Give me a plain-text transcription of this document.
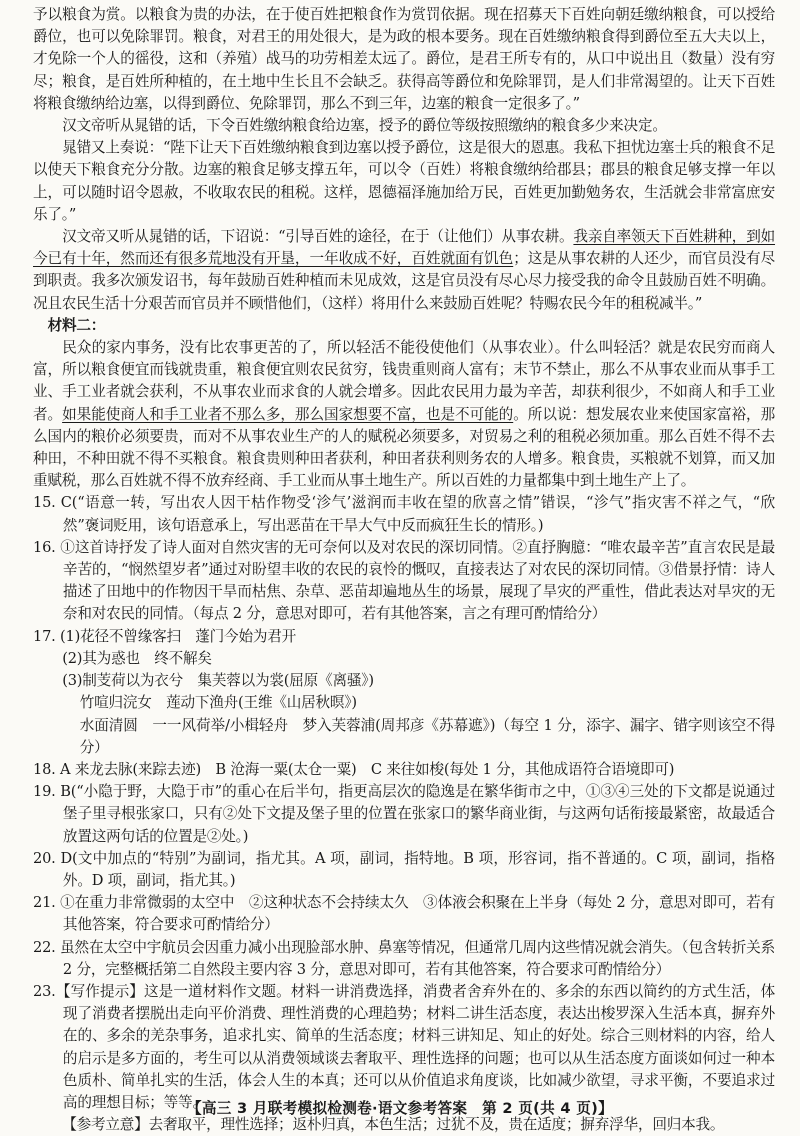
予以粮食为赏。以粮食为贵的办法，在于使百姓把粮食作为赏罚依据。现在招募天下百姓向朝廷缴纳粮食，可以授给爵位，也可以免除罪罚。粮食，对君王的用处很大，是为政的根本要务。现在百姓缴纳粮食得到爵位至五大夫以上，才免除一个人的徭役，这和（养殖）战马的功劳相差太远了。爵位，是君王所专有的，从口中说出且（数量）没有穷尽；粮食，是百姓所种植的，在土地中生长且不会缺乏。获得高等爵位和免除罪罚，是人们非常渴望的。让天下百姓将粮食缴纳给边塞，以得到爵位、免除罪罚，那么不到三年，边塞的粮食一定很多了。”

汉文帝听从晁错的话，下令百姓缴纳粮食给边塞，授予的爵位等级按照缴纳的粮食多少来决定。

晁错又上奏说：“陛下让天下百姓缴纳粮食到边塞以授予爵位，这是很大的恩惠。我私下担忧边塞士兵的粮食不足以使天下粮食充分分散。边塞的粮食足够支撑五年，可以令（百姓）将粮食缴纳给郡县；郡县的粮食足够支撑一年以上，可以随时诏令恩赦，不收取农民的租税。这样，恩德福泽施加给万民，百姓更加勤勉务农，生活就会非常富庶安乐了。”

汉文帝又听从晁错的话，下诏说：“引导百姓的途径，在于（让他们）从事农耕。我亲自率领天下百姓耕种，到如今已有十年，然而还有很多荒地没有开垦，一年收成不好，百姓就面有饥色；这是从事农耕的人还少，而官员没有尽到职责。我多次颁发诏书，每年鼓励百姓种植而未见成效，这是官员没有尽心尽力接受我的命令且鼓励百姓不明确。况且农民生活十分艰苦而官员并不顾惜他们，（这样）将用什么来鼓励百姓呢？特赐农民今年的租税减半。”

材料二：

民众的家内事务，没有比农事更苦的了，所以轻活不能役使他们（从事农业）。什么叫轻活？就是农民穷而商人富，所以粮食便宜而钱就贵重，粮食便宜则农民贫穷，钱贵重则商人富有；末节不禁止，那么不从事农业而从事手工业、手工业者就会获利，不从事农业而求食的人就会增多。因此农民用力最为辛苦，却获利很少，不如商人和手工业者。如果能使商人和手工业者不那么多，那么国家想要不富，也是不可能的。所以说：想发展农业来使国家富裕，那么国内的粮价必须要贵，而对不从事农业生产的人的赋税必须要多，对贸易之利的租税必须加重。那么百姓不得不去种田，不种田就不得不买粮食。粮食贵则种田者获利，种田者获利则务农的人增多。粮食贵，买粮就不划算，而又加重赋税，那么百姓就不得不放弃经商、手工业而从事土地生产。所以百姓的力量都集中到土地生产上了。

15. C(“语意一转，写出农人因干枯作物受‘沴气’滋润而丰收在望的欣喜之情”错误，“沴气”指灾害不祥之气，“欣然”褒词贬用，该句语意承上，写出恶苗在干旱大气中反而疯狂生长的情形。)

16. ①这首诗抒发了诗人面对自然灾害的无可奈何以及对农民的深切同情。②直抒胸臆：“唯农最辛苦”直言农民是最辛苦的，“悯然望岁者”通过对盼望丰收的农民的哀怜的慨叹，直接表达了对农民的深切同情。③借景抒情：诗人描述了田地中的作物因干旱而枯焦、杂草、恶苗却遍地丛生的场景，展现了旱灾的严重性，借此表达对旱灾的无奈和对农民的同情。（每点 2 分，意思对即可，若有其他答案，言之有理可酌情给分）

17. (1)花径不曾缘客扫　蓬门今始为君开

(2)其为惑也　终不解矣

(3)制芰荷以为衣兮　集芙蓉以为裳(屈原《离骚》)

竹喧归浣女　莲动下渔舟(王维《山居秋暝》)

水面清圆　一一风荷举/小楫轻舟　梦入芙蓉浦(周邦彦《苏幕遮》)（每空 1 分，添字、漏字、错字则该空不得分）

18. A 来龙去脉(来踪去迹)　B 沧海一粟(太仓一粟)　C 来往如梭(每处 1 分，其他成语符合语境即可)

19. B(“小隐于野，大隐于市”的重心在后半句，指更高层次的隐逸是在繁华街市之中，①③④三处的下文都是说通过堡子里寻根张家口，只有②处下文提及堡子里的位置在张家口的繁华商业街，与这两句话衔接最紧密，故最适合放置这两句话的位置是②处。)

20. D(文中加点的“特别”为副词，指尤其。A 项，副词，指特地。B 项，形容词，指不普通的。C 项，副词，指格外。D 项，副词，指尤其。)

21. ①在重力非常微弱的太空中　②这种状态不会持续太久　③体液会积聚在上半身（每处 2 分，意思对即可，若有其他答案，符合要求可酌情给分）

22. 虽然在太空中宇航员会因重力减小出现脸部水肿、鼻塞等情况，但通常几周内这些情况就会消失。（包含转折关系 2 分，完整概括第二自然段主要内容 3 分，意思对即可，若有其他答案，符合要求可酌情给分）

23.【写作提示】这是一道材料作文题。材料一讲消费选择，消费者舍弃外在的、多余的东西以简约的方式生活，体现了消费者摆脱出走向平价消费、理性消费的心理趋势；材料二讲生活态度，表达出梭罗深入生活本真，摒弃外在的、多余的羌杂事务，追求扎实、简单的生活态度；材料三讲知足、知止的好处。综合三则材料的内容，给人的启示是多方面的，考生可以从消费领域谈去奢取平、理性选择的问题；也可以从生活态度方面谈如何过一种本色质朴、简单扎实的生活，体会人生的本真；还可以从价值追求角度谈，比如减少欲望，寻求平衡，不要追求过高的理想目标；等等。

【参考立意】去奢取平，理性选择；返朴归真，本色生活；过犹不及，贵在适度；摒弃浮华，回归本我。

【高三 3 月联考模拟检测卷·语文参考答案　第 2 页(共 4 页)】
